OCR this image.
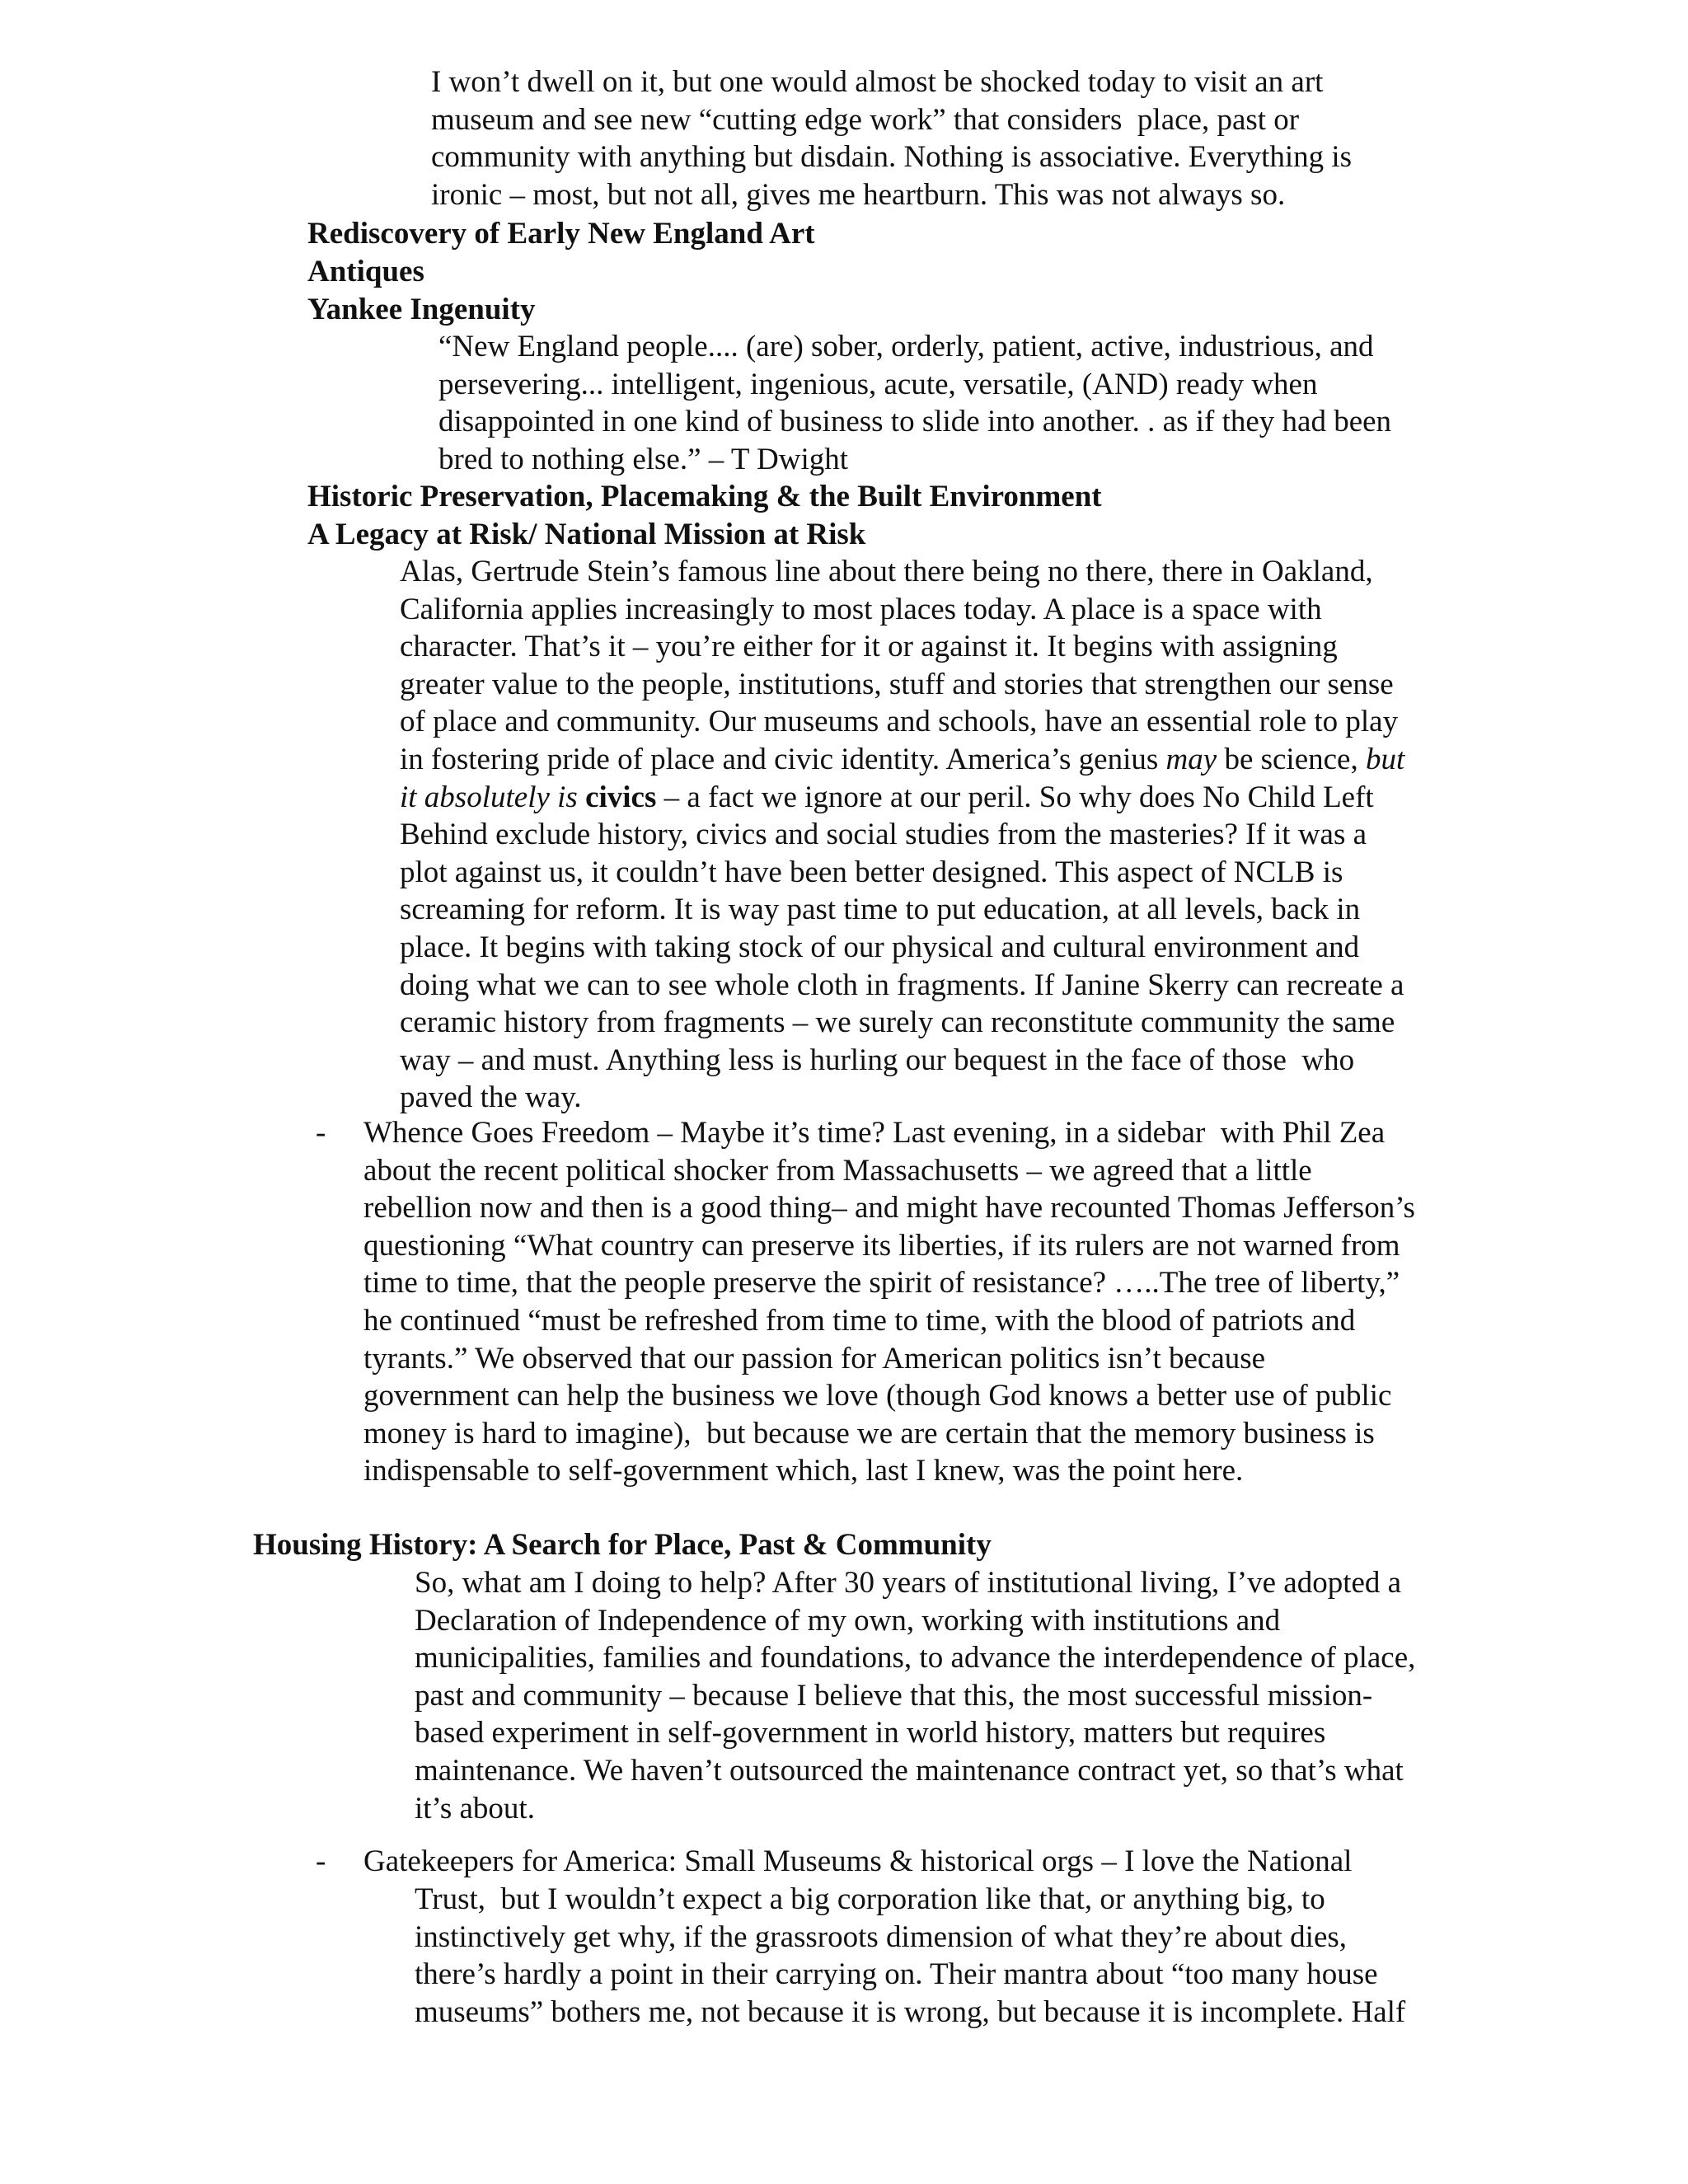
I won’t dwell on it, but one would almost be shocked today to visit an art
museum and see new “cutting edge work” that considers  place, past or
community with anything but disdain. Nothing is associative. Everything is
ironic – most, but not all, gives me heartburn. This was not always so.

Rediscovery of Early New England Art
Antiques
Yankee Ingenuity

“New England people.... (are) sober, orderly, patient, active, industrious, and
persevering... intelligent, ingenious, acute, versatile, (AND) ready when
disappointed in one kind of business to slide into another. . as if they had been
bred to nothing else.” – T Dwight

Historic Preservation, Placemaking & the Built Environment
A Legacy at Risk/ National Mission at Risk

Alas, Gertrude Stein’s famous line about there being no there, there in Oakland,
California applies increasingly to most places today. A place is a space with
character. That’s it – you’re either for it or against it. It begins with assigning
greater value to the people, institutions, stuff and stories that strengthen our sense
of place and community. Our museums and schools, have an essential role to play
in fostering pride of place and civic identity. America’s genius may be science, but
it absolutely is civics – a fact we ignore at our peril. So why does No Child Left
Behind exclude history, civics and social studies from the masteries? If it was a
plot against us, it couldn’t have been better designed. This aspect of NCLB is
screaming for reform. It is way past time to put education, at all levels, back in
place. It begins with taking stock of our physical and cultural environment and
doing what we can to see whole cloth in fragments. If Janine Skerry can recreate a
ceramic history from fragments – we surely can reconstitute community the same
way – and must. Anything less is hurling our bequest in the face of those  who
paved the way.

- Whence Goes Freedom – Maybe it’s time? Last evening, in a sidebar  with Phil Zea
about the recent political shocker from Massachusetts – we agreed that a little
rebellion now and then is a good thing– and might have recounted Thomas Jefferson’s
questioning “What country can preserve its liberties, if its rulers are not warned from
time to time, that the people preserve the spirit of resistance? …..The tree of liberty,”
he continued “must be refreshed from time to time, with the blood of patriots and
tyrants.” We observed that our passion for American politics isn’t because
government can help the business we love (though God knows a better use of public
money is hard to imagine),  but because we are certain that the memory business is
indispensable to self-government which, last I knew, was the point here.

Housing History: A Search for Place, Past & Community

So, what am I doing to help? After 30 years of institutional living, I’ve adopted a
Declaration of Independence of my own, working with institutions and
municipalities, families and foundations, to advance the interdependence of place,
past and community – because I believe that this, the most successful mission-
based experiment in self-government in world history, matters but requires
maintenance. We haven’t outsourced the maintenance contract yet, so that’s what
it’s about.

- Gatekeepers for America: Small Museums & historical orgs – I love the National

Trust,  but I wouldn’t expect a big corporation like that, or anything big, to
instinctively get why, if the grassroots dimension of what they’re about dies,
there’s hardly a point in their carrying on. Their mantra about “too many house
museums” bothers me, not because it is wrong, but because it is incomplete. Half
